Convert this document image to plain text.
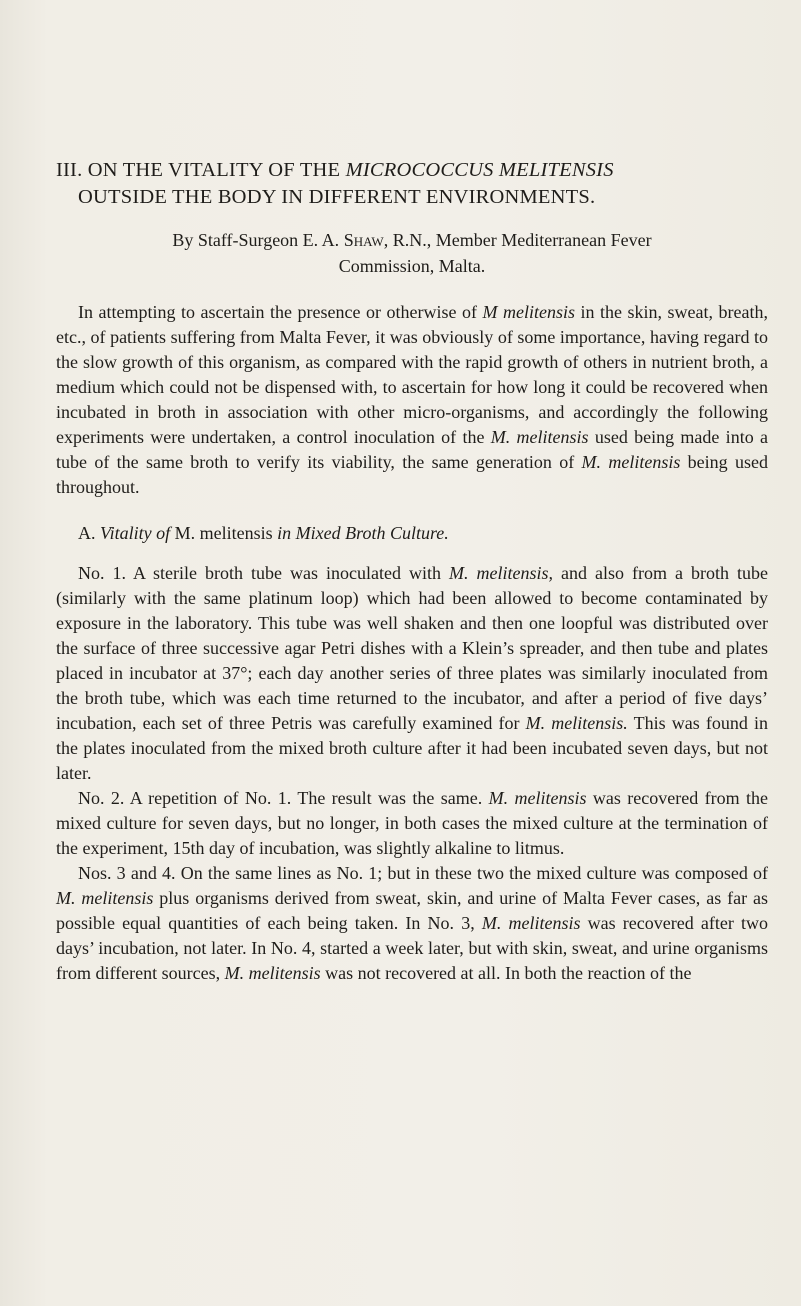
III. ON THE VITALITY OF THE MICROCOCCUS MELITENSIS
OUTSIDE THE BODY IN DIFFERENT ENVIRONMENTS.
By Staff-Surgeon E. A. Shaw, R.N., Member Mediterranean Fever
Commission, Malta.

In attempting to ascertain the presence or otherwise of M melitensis in the skin, sweat, breath, etc., of patients suffering from Malta Fever, it was obviously of some importance, having regard to the slow growth of this organism, as compared with the rapid growth of others in nutrient broth, a medium which could not be dispensed with, to ascertain for how long it could be recovered when incubated in broth in association with other micro-organisms, and accordingly the following experiments were undertaken, a control inoculation of the M. melitensis used being made into a tube of the same broth to verify its viability, the same generation of M. melitensis being used throughout.

A. Vitality of M. melitensis in Mixed Broth Culture.

No. 1. A sterile broth tube was inoculated with M. melitensis, and also from a broth tube (similarly with the same platinum loop) which had been allowed to become contaminated by exposure in the laboratory. This tube was well shaken and then one loopful was distributed over the surface of three successive agar Petri dishes with a Klein’s spreader, and then tube and plates placed in incubator at 37°; each day another series of three plates was similarly inoculated from the broth tube, which was each time returned to the incubator, and after a period of five days’ incubation, each set of three Petris was carefully examined for M. melitensis. This was found in the plates inoculated from the mixed broth culture after it had been incubated seven days, but not later.

No. 2. A repetition of No. 1. The result was the same. M. melitensis was recovered from the mixed culture for seven days, but no longer, in both cases the mixed culture at the termination of the experiment, 15th day of incubation, was slightly alkaline to litmus.

Nos. 3 and 4. On the same lines as No. 1; but in these two the mixed culture was composed of M. melitensis plus organisms derived from sweat, skin, and urine of Malta Fever cases, as far as possible equal quantities of each being taken. In No. 3, M. melitensis was recovered after two days’ incubation, not later. In No. 4, started a week later, but with skin, sweat, and urine organisms from different sources, M. melitensis was not recovered at all. In both the reaction of the
